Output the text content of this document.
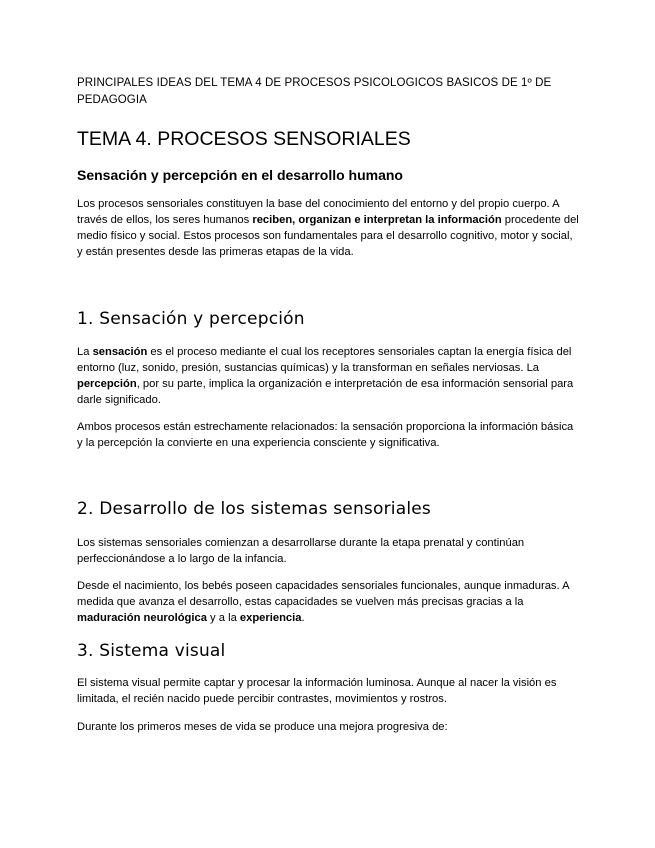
PRINCIPALES IDEAS DEL TEMA 4 DE PROCESOS PSICOLOGICOS BASICOS DE 1º DE PEDAGOGIA
TEMA 4. PROCESOS SENSORIALES
Sensación y percepción en el desarrollo humano

Los procesos sensoriales constituyen la base del conocimiento del entorno y del propio cuerpo. A través de ellos, los seres humanos reciben, organizan e interpretan la información procedente del medio físico y social. Estos procesos son fundamentales para el desarrollo cognitivo, motor y social, y están presentes desde las primeras etapas de la vida.

1. Sensación y percepción

La sensación es el proceso mediante el cual los receptores sensoriales captan la energía física del entorno (luz, sonido, presión, sustancias químicas) y la transforman en señales nerviosas. La percepción, por su parte, implica la organización e interpretación de esa información sensorial para darle significado.

Ambos procesos están estrechamente relacionados: la sensación proporciona la información básica y la percepción la convierte en una experiencia consciente y significativa.

2. Desarrollo de los sistemas sensoriales

Los sistemas sensoriales comienzan a desarrollarse durante la etapa prenatal y continúan perfeccionándose a lo largo de la infancia.

Desde el nacimiento, los bebés poseen capacidades sensoriales funcionales, aunque inmaduras. A medida que avanza el desarrollo, estas capacidades se vuelven más precisas gracias a la maduración neurológica y a la experiencia.

3. Sistema visual

El sistema visual permite captar y procesar la información luminosa. Aunque al nacer la visión es limitada, el recién nacido puede percibir contrastes, movimientos y rostros.

Durante los primeros meses de vida se produce una mejora progresiva de:
